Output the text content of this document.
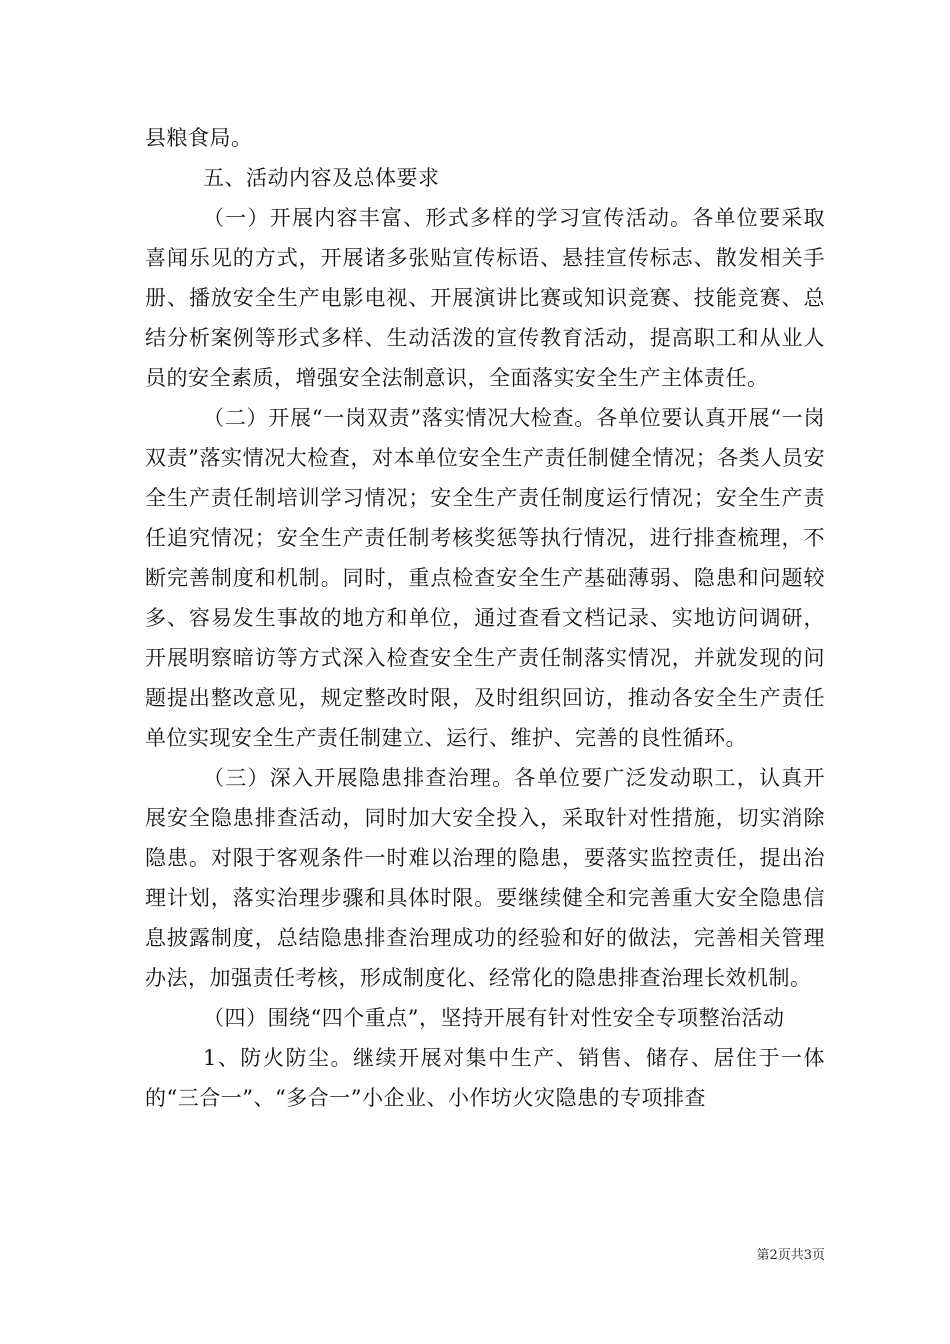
县粮食局。

五、活动内容及总体要求

（一）开展内容丰富、形式多样的学习宣传活动。各单位要采取喜闻乐见的方式，开展诸多张贴宣传标语、悬挂宣传标志、散发相关手册、播放安全生产电影电视、开展演讲比赛或知识竞赛、技能竞赛、总结分析案例等形式多样、生动活泼的宣传教育活动，提高职工和从业人员的安全素质，增强安全法制意识，全面落实安全生产主体责任。

（二）开展“一岗双责”落实情况大检查。各单位要认真开展“一岗双责”落实情况大检查，对本单位安全生产责任制健全情况；各类人员安全生产责任制培训学习情况；安全生产责任制度运行情况；安全生产责任追究情况；安全生产责任制考核奖惩等执行情况，进行排查梳理，不断完善制度和机制。同时，重点检查安全生产基础薄弱、隐患和问题较多、容易发生事故的地方和单位，通过查看文档记录、实地访问调研，开展明察暗访等方式深入检查安全生产责任制落实情况，并就发现的问题提出整改意见，规定整改时限，及时组织回访，推动各安全生产责任单位实现安全生产责任制建立、运行、维护、完善的良性循环。

（三）深入开展隐患排查治理。各单位要广泛发动职工，认真开展安全隐患排查活动，同时加大安全投入，采取针对性措施，切实消除隐患。对限于客观条件一时难以治理的隐患，要落实监控责任，提出治理计划，落实治理步骤和具体时限。要继续健全和完善重大安全隐患信息披露制度，总结隐患排查治理成功的经验和好的做法，完善相关管理办法，加强责任考核，形成制度化、经常化的隐患排查治理长效机制。

（四）围绕“四个重点”，坚持开展有针对性安全专项整治活动

1、防火防尘。继续开展对集中生产、销售、储存、居住于一体的“三合一”、“多合一”小企业、小作坊火灾隐患的专项排查

第2页共3页
